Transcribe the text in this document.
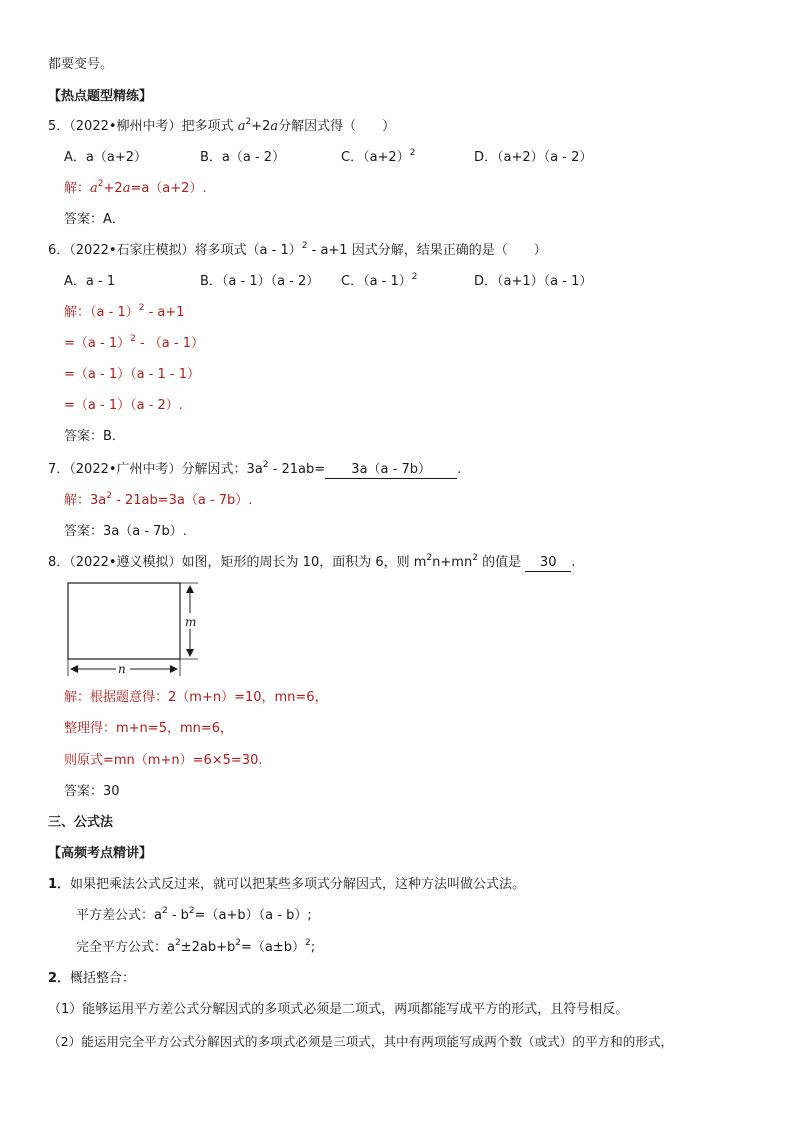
都要变号。
【热点题型精练】
5．（2022•柳州中考）把多项式 $a^2+2a$分解因式得（　　）
A．a（a+2）	B．a（a - 2）	C．$(a+2)^2$	D．（a+2）（a - 2）
解：$a^2+2a=a(a+2)$.
答案：A．
6．（2022•石家庄模拟）将多项式（a - 1）$^2$ - a+1 因式分解，结果正确的是（　　）
A．a - 1	B．（a - 1）（a - 2） C．（a - 1）$^2$	D．（a+1）（a - 1）
解：（a - 1）$^2$ - a+1
=（a - 1）$^2$ - （a - 1）
=（a - 1）（a - 1 - 1）
=（a - 1）（a - 2）.
答案：B．
7．（2022•广州中考）分解因式：$3a^2 - 21ab= 3a(a - 7b)$ .
解：$3a^2 - 21ab=3a(a - 7b)$.
答案：3a（a - 7b）.
8．（2022•遵义模拟）如图，矩形的周长为 10，面积为 6，则 $m^2n+mn^2$ 的值是 30 .
m
n
解：根据题意得：2（m+n）=10，mn=6，
整理得：m+n=5，mn=6，
则原式=mn（m+n）=6×5=30.
答案：30
三、公式法
【高频考点精讲】
1．如果把乘法公式反过来，就可以把某些多项式分解因式，这种方法叫做公式法。
平方差公式：$a^2 - b^2=(a+b)(a - b)$;
完全平方公式：$a^2\pm 2ab+b^2=(a\pm b)^2$;
2．概括整合：
（1）能够运用平方差公式分解因式的多项式必须是二项式，两项都能写成平方的形式，且符号相反。
（2）能运用完全平方公式分解因式的多项式必须是三项式，其中有两项能写成两个数（或式）的平方和的形式，
